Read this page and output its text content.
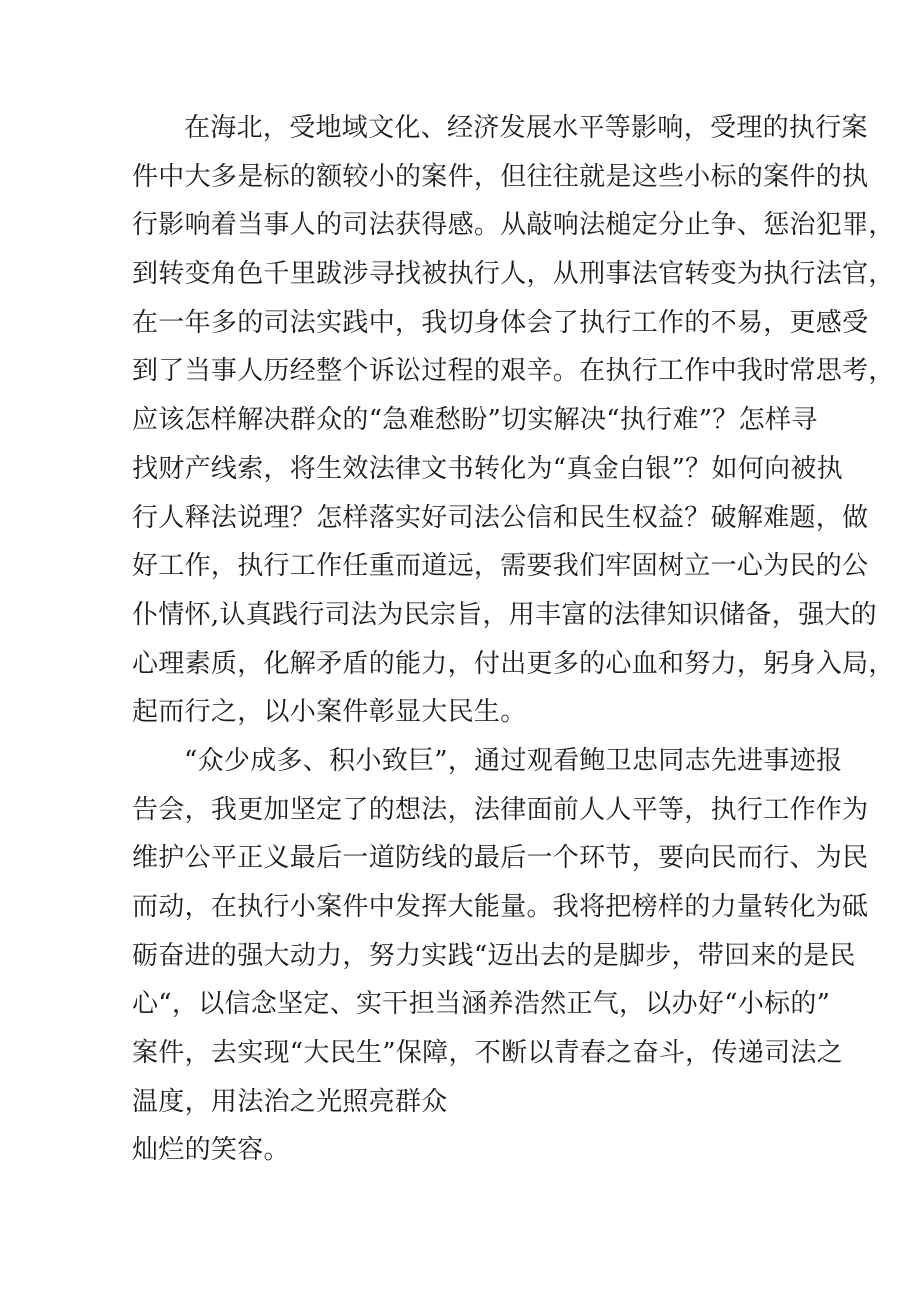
在海北，受地域文化、经济发展水平等影响，受理的执行案
件中大多是标的额较小的案件，但往往就是这些小标的案件的执
行影响着当事人的司法获得感。从敲响法槌定分止争、惩治犯罪，
到转变角色千里跋涉寻找被执行人，从刑事法官转变为执行法官，
在一年多的司法实践中，我切身体会了执行工作的不易，更感受
到了当事人历经整个诉讼过程的艰辛。在执行工作中我时常思考，
应该怎样解决群众的“急难愁盼”切实解决“执行难”？怎样寻
找财产线索，将生效法律文书转化为“真金白银”？如何向被执
行人释法说理？怎样落实好司法公信和民生权益？破解难题，做
好工作，执行工作任重而道远，需要我们牢固树立一心为民的公
仆情怀,认真践行司法为民宗旨，用丰富的法律知识储备，强大的
心理素质，化解矛盾的能力，付出更多的心血和努力，躬身入局，
起而行之，以小案件彰显大民生。
“众少成多、积小致巨”，通过观看鲍卫忠同志先进事迹报
告会，我更加坚定了的想法，法律面前人人平等，执行工作作为
维护公平正义最后一道防线的最后一个环节，要向民而行、为民
而动，在执行小案件中发挥大能量。我将把榜样的力量转化为砥
砺奋进的强大动力，努力实践“迈出去的是脚步，带回来的是民
心“，以信念坚定、实干担当涵养浩然正气，以办好“小标的”
案件，去实现“大民生”保障，不断以青春之奋斗，传递司法之
温度，用法治之光照亮群众
灿烂的笑容。
